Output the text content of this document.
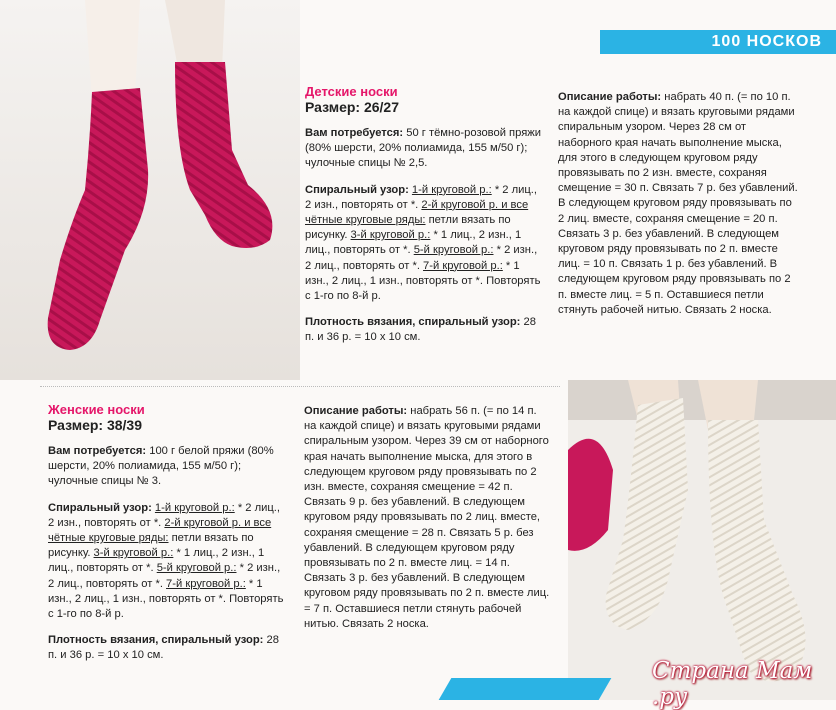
100 НОСКОВ
Детские носки
Размер: 26/27

Вам потребуется: 50 г тёмно-розовой пряжи (80% шерсти, 20% полиамида, 155 м/50 г); чулочные спицы № 2,5.

Спиральный узор: 1-й круговой р.: * 2 лиц., 2 изн., повторять от *. 2-й круговой р. и все чётные круговые ряды: петли вязать по рисунку. 3-й круговой р.: * 1 лиц., 2 изн., 1 лиц., повторять от *. 5-й круговой р.: * 2 изн., 2 лиц., повторять от *. 7-й круговой р.: * 1 изн., 2 лиц., 1 изн., повторять от *. Повторять с 1-го по 8-й р.

Плотность вязания, спиральный узор: 28 п. и 36 р. = 10 x 10 см.

Описание работы: набрать 40 п. (= по 10 п. на каждой спице) и вязать круговыми рядами спиральным узором. Через 28 см от наборного края начать выполнение мыска, для этого в следующем круговом ряду провязывать по 2 изн. вместе, сохраняя смещение = 30 п. Связать 7 р. без убавлений. В следующем круговом ряду провязывать по 2 лиц. вместе, сохраняя смещение = 20 п. Связать 3 р. без убавлений. В следующем круговом ряду провязывать по 2 п. вместе лиц. = 10 п. Связать 1 р. без убавлений. В следующем круговом ряду провязывать по 2 п. вместе лиц. = 5 п. Оставшиеся петли стянуть рабочей нитью. Связать 2 носка.

Женские носки
Размер: 38/39

Вам потребуется: 100 г белой пряжи (80% шерсти, 20% полиамида, 155 м/50 г); чулочные спицы № 3.

Спиральный узор: 1-й круговой р.: * 2 лиц., 2 изн., повторять от *. 2-й круговой р. и все чётные круговые ряды: петли вязать по рисунку. 3-й круговой р.: * 1 лиц., 2 изн., 1 лиц., повторять от *. 5-й круговой р.: * 2 изн., 2 лиц., повторять от *. 7-й круговой р.: * 1 изн., 2 лиц., 1 изн., повторять от *. Повторять с 1-го по 8-й р.

Плотность вязания, спиральный узор: 28 п. и 36 р. = 10 x 10 см.

Описание работы: набрать 56 п. (= по 14 п. на каждой спице) и вязать круговыми рядами спиральным узором. Через 39 см от наборного края начать выполнение мыска, для этого в следующем круговом ряду провязывать по 2 изн. вместе, сохраняя смещение = 42 п. Связать 9 р. без убавлений. В следующем круговом ряду провязывать по 2 лиц. вместе, сохраняя смещение = 28 п. Связать 5 р. без убавлений. В следующем круговом ряду провязывать по 2 п. вместе лиц. = 14 п. Связать 3 р. без убавлений. В следующем круговом ряду провязывать по 2 п. вместе лиц. = 7 п. Оставшиеся петли стянуть рабочей нитью. Связать 2 носка.

Страна Мам .ру
